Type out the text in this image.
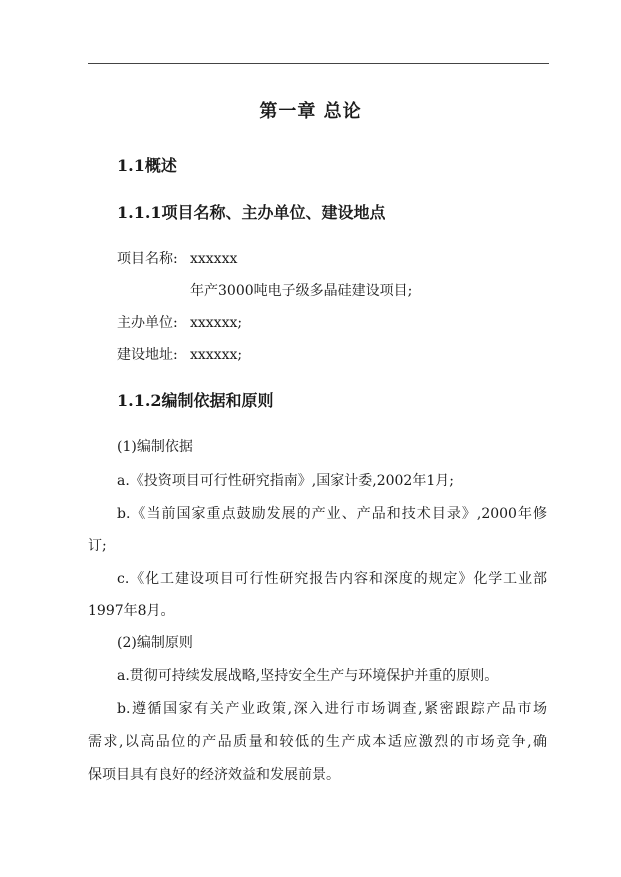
第一章 总论
1.1概述
1.1.1项目名称、主办单位、建设地点
项目名称: xxxxxx
年产3000吨电子级多晶硅建设项目;
主办单位: xxxxxx;
建设地址: xxxxxx;
1.1.2编制依据和原则
(1)编制依据
a.《投资项目可行性研究指南》,国家计委,2002年1月;
b.《当前国家重点鼓励发展的产业、产品和技术目录》,2000年修
订;
c.《化工建设项目可行性研究报告内容和深度的规定》化学工业部
1997年8月。
(2)编制原则
a.贯彻可持续发展战略,坚持安全生产与环境保护并重的原则。
b.遵循国家有关产业政策,深入进行市场调查,紧密跟踪产品市场
需求,以高品位的产品质量和较低的生产成本适应激烈的市场竞争,确
保项目具有良好的经济效益和发展前景。
